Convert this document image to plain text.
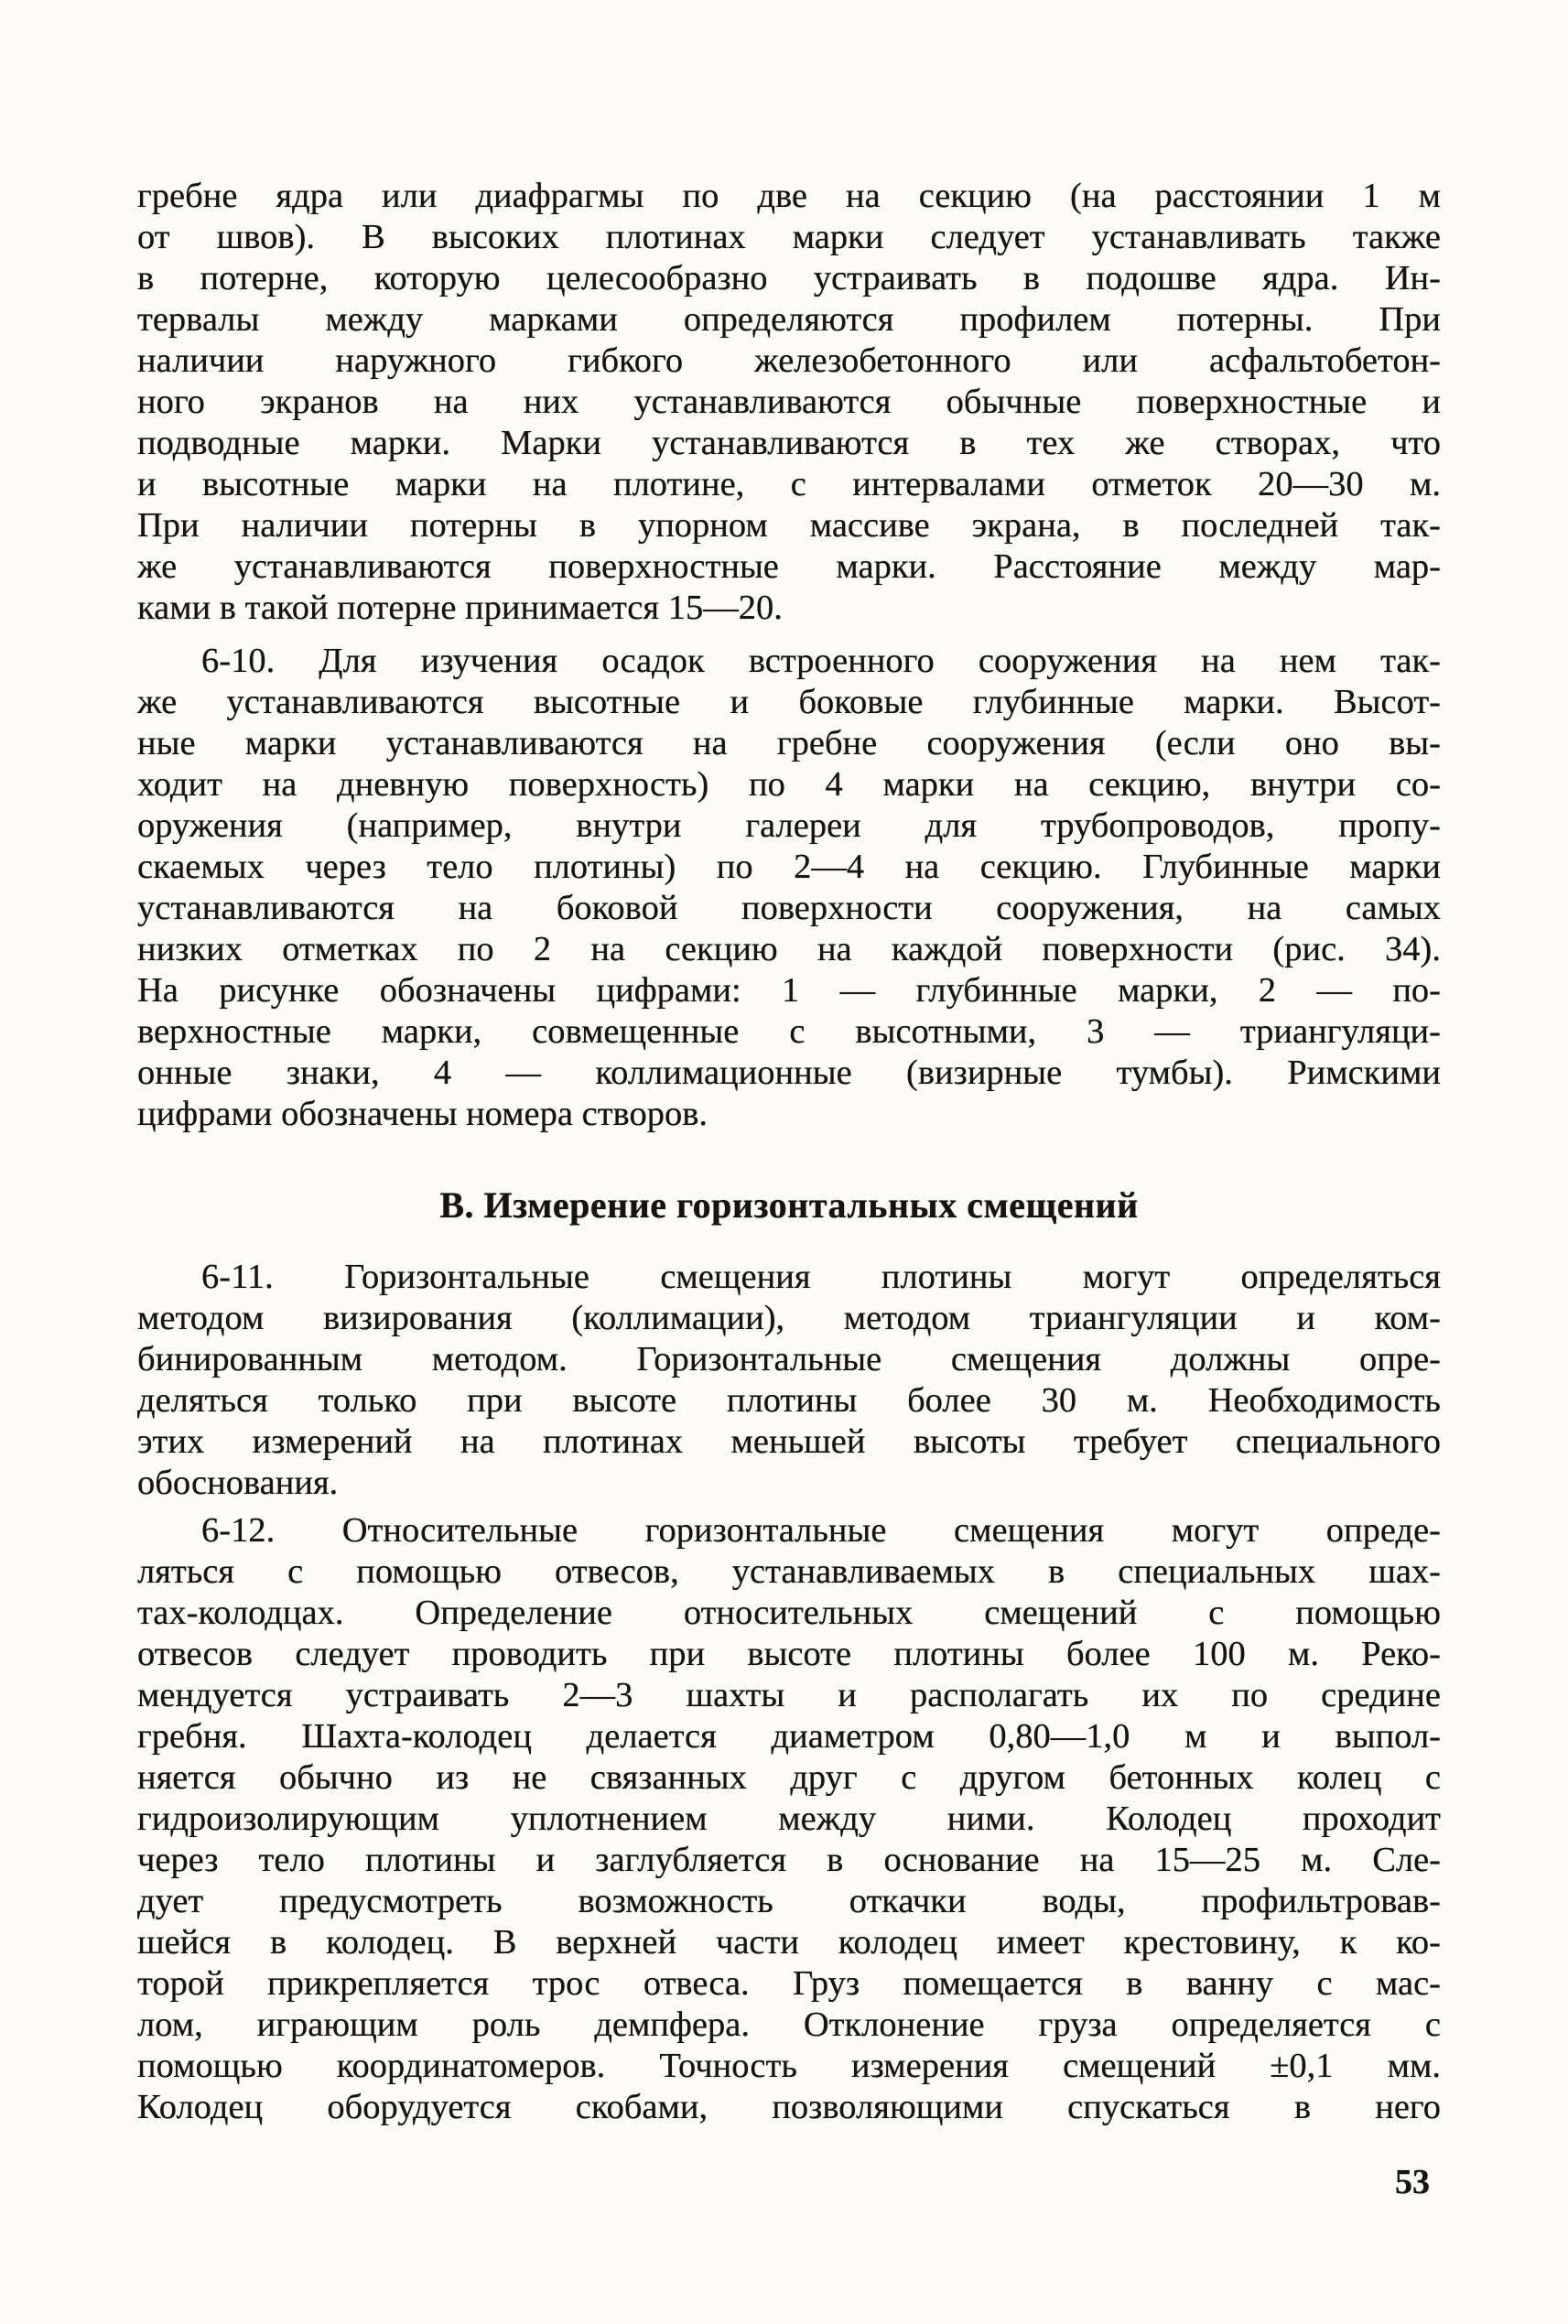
гребне ядра или диафрагмы по две на секцию (на расстоянии 1 м
от швов). В высоких плотинах марки следует устанавливать также
в потерне, которую целесообразно устраивать в подошве ядра. Ин-
тервалы между марками определяются профилем потерны. При
наличии наружного гибкого железобетонного или асфальтобетон-
ного экранов на них устанавливаются обычные поверхностные и
подводные марки. Марки устанавливаются в тех же створах, что
и высотные марки на плотине, с интервалами отметок 20—30 м.
При наличии потерны в упорном массиве экрана, в последней так-
же устанавливаются поверхностные марки. Расстояние между мар-
ками в такой потерне принимается 15—20.
6-10. Для изучения осадок встроенного сооружения на нем так-
же устанавливаются высотные и боковые глубинные марки. Высот-
ные марки устанавливаются на гребне сооружения (если оно вы-
ходит на дневную поверхность) по 4 марки на секцию, внутри со-
оружения (например, внутри галереи для трубопроводов, пропу-
скаемых через тело плотины) по 2—4 на секцию. Глубинные марки
устанавливаются на боковой поверхности сооружения, на самых
низких отметках по 2 на секцию на каждой поверхности (рис. 34).
На рисунке обозначены цифрами: 1 — глубинные марки, 2 — по-
верхностные марки, совмещенные с высотными, 3 — триангуляци-
онные знаки, 4 — коллимационные (визирные тумбы). Римскими
цифрами обозначены номера створов.
В. Измерение горизонтальных смещений
6-11. Горизонтальные смещения плотины могут определяться
методом визирования (коллимации), методом триангуляции и ком-
бинированным методом. Горизонтальные смещения должны опре-
деляться только при высоте плотины более 30 м. Необходимость
этих измерений на плотинах меньшей высоты требует специального
обоснования.
6-12. Относительные горизонтальные смещения могут опреде-
ляться с помощью отвесов, устанавливаемых в специальных шах-
тах-колодцах. Определение относительных смещений с помощью
отвесов следует проводить при высоте плотины более 100 м. Реко-
мендуется устраивать 2—3 шахты и располагать их по средине
гребня. Шахта-колодец делается диаметром 0,80—1,0 м и выпол-
няется обычно из не связанных друг с другом бетонных колец с
гидроизолирующим уплотнением между ними. Колодец проходит
через тело плотины и заглубляется в основание на 15—25 м. Сле-
дует предусмотреть возможность откачки воды, профильтровав-
шейся в колодец. В верхней части колодец имеет крестовину, к ко-
торой прикрепляется трос отвеса. Груз помещается в ванну с мас-
лом, играющим роль демпфера. Отклонение груза определяется с
помощью координатомеров. Точность измерения смещений ±0,1 мм.
Колодец оборудуется скобами, позволяющими спускаться в него
53
